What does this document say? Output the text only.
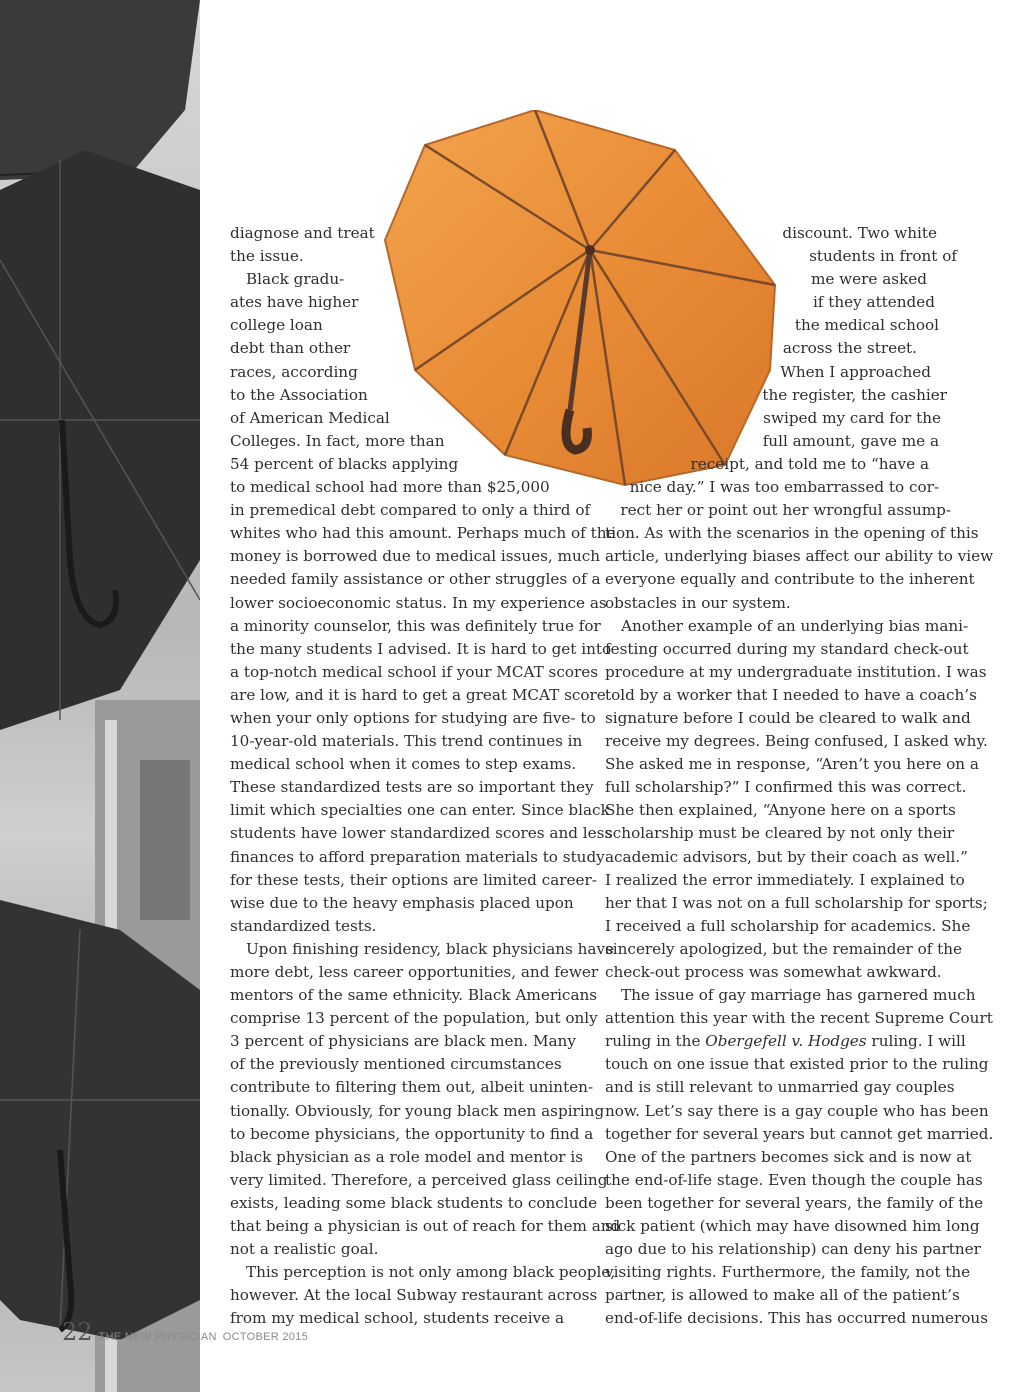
diagnose and treat
the issue.

Black gradu-
ates have higher
college loan
debt than other
races, according
to the Association
of American Medical
Colleges. In fact, more than
54 percent of blacks applying
to medical school had more than $25,000
in premedical debt compared to only a third of
whites who had this amount. Perhaps much of the
money is borrowed due to medical issues, much
needed family assistance or other struggles of a
lower socioeconomic status. In my experience as
a minority counselor, this was definitely true for
the many students I advised. It is hard to get into
a top-notch medical school if your MCAT scores
are low, and it is hard to get a great MCAT score
when your only options for studying are five- to
10-year-old materials. This trend continues in
medical school when it comes to step exams.
These standardized tests are so important they
limit which specialties one can enter. Since black
students have lower standardized scores and less
finances to afford preparation materials to study
for these tests, their options are limited career-
wise due to the heavy emphasis placed upon
standardized tests.
Upon finishing residency, black physicians have
more debt, less career opportunities, and fewer
mentors of the same ethnicity. Black Americans
comprise 13 percent of the population, but only
3 percent of physicians are black men. Many
of the previously mentioned circumstances
contribute to filtering them out, albeit uninten-
tionally. Obviously, for young black men aspiring
to become physicians, the opportunity to find a
black physician as a role model and mentor is
very limited. Therefore, a perceived glass ceiling
exists, leading some black students to conclude
that being a physician is out of reach for them and
not a realistic goal.
This perception is not only among black people,
however. At the local Subway restaurant across
from my medical school, students receive a
discount. Two white
students in front of
me were asked
if they attended
the medical school
across the street.
When I approached
the register, the cashier
swiped my card for the
full amount, gave me a
receipt, and told me to “have a
nice day.” I was too embarrassed to cor-
rect her or point out her wrongful assump-
tion. As with the scenarios in the opening of this
article, underlying biases affect our ability to view
everyone equally and contribute to the inherent
obstacles in our system.
Another example of an underlying bias mani-
festing occurred during my standard check-out
procedure at my undergraduate institution. I was
told by a worker that I needed to have a coach’s
signature before I could be cleared to walk and
receive my degrees. Being confused, I asked why.
She asked me in response, “Aren’t you here on a
full scholarship?” I confirmed this was correct.
She then explained, “Anyone here on a sports
scholarship must be cleared by not only their
academic advisors, but by their coach as well.”
I realized the error immediately. I explained to
her that I was not on a full scholarship for sports;
I received a full scholarship for academics. She
sincerely apologized, but the remainder of the
check-out process was somewhat awkward.
The issue of gay marriage has garnered much
attention this year with the recent Supreme Court
ruling in the Obergefell v. Hodges ruling. I will
touch on one issue that existed prior to the ruling
and is still relevant to unmarried gay couples
now. Let’s say there is a gay couple who has been
together for several years but cannot get married.
One of the partners becomes sick and is now at
the end-of-life stage. Even though the couple has
been together for several years, the family of the
sick patient (which may have disowned him long
ago due to his relationship) can deny his partner
visiting rights. Furthermore, the family, not the
partner, is allowed to make all of the patient’s
end-of-life decisions. This has occurred numerous
22 THE NEW PHYSICIAN OCTOBER 2015
